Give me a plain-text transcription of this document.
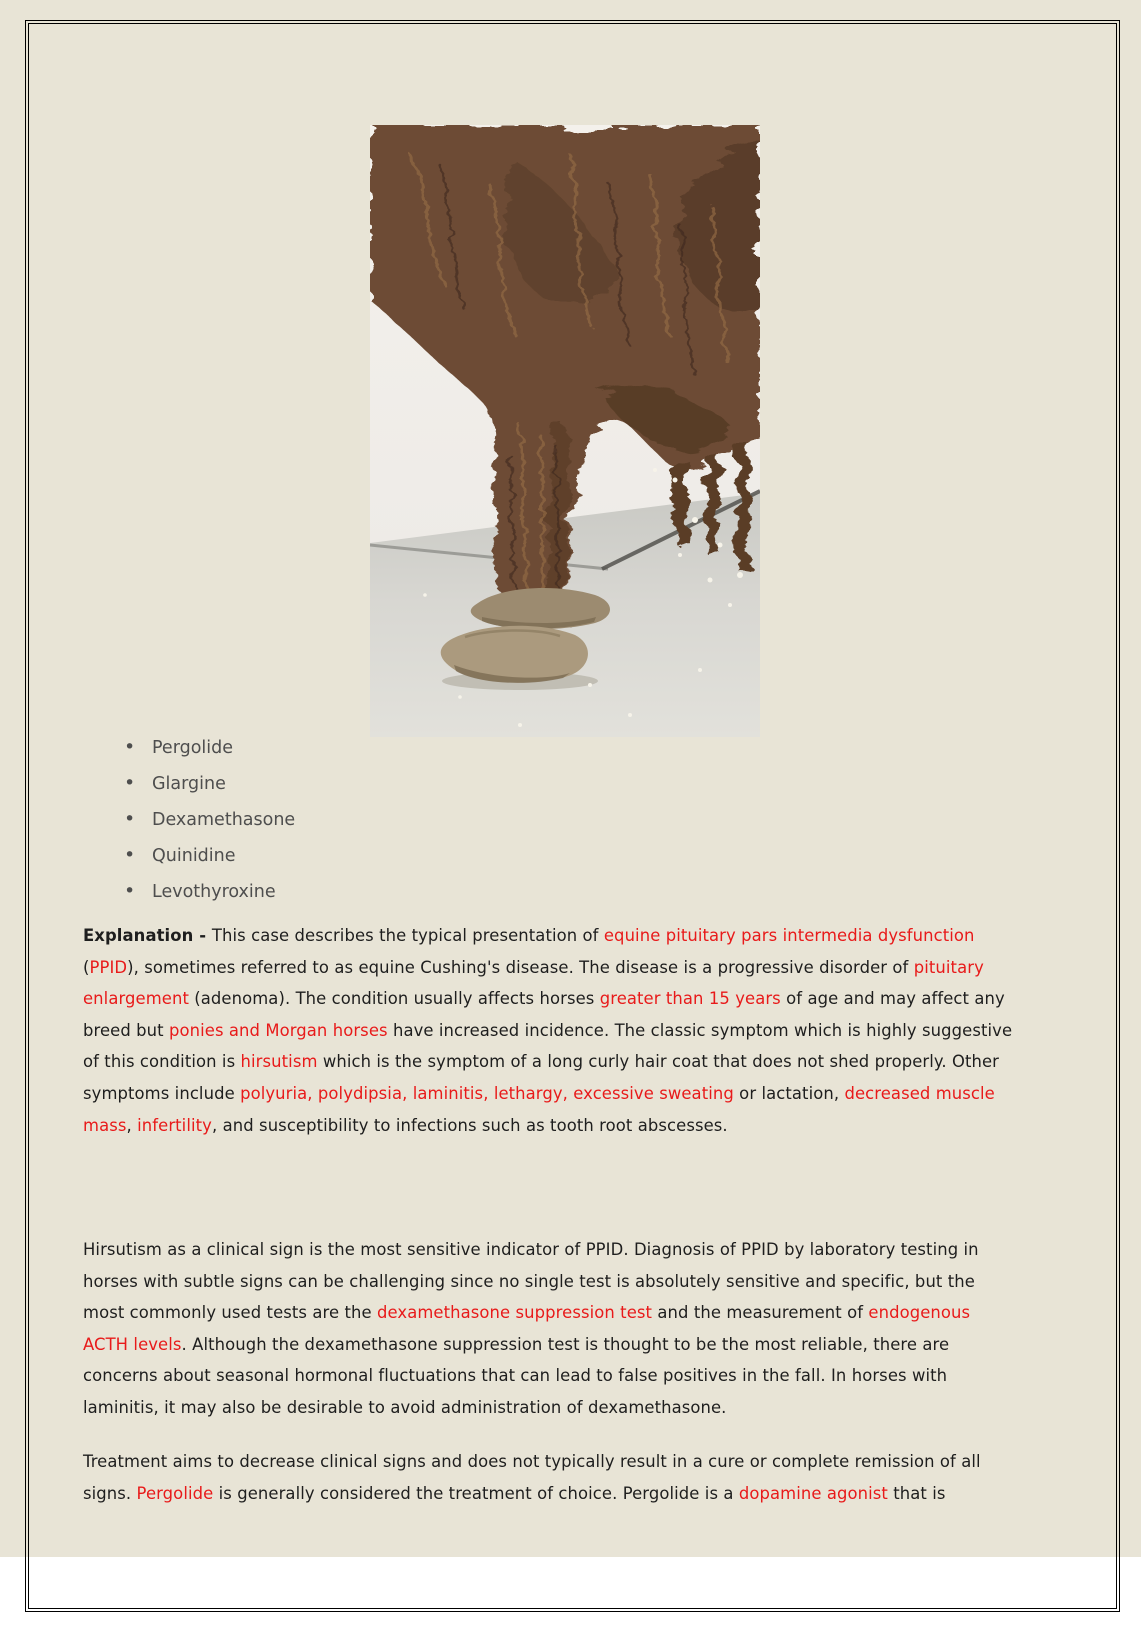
• Pergolide
• Glargine
• Dexamethasone
• Quinidine
• Levothyroxine

Explanation - This case describes the typical presentation of equine pituitary pars intermedia dysfunction (PPID), sometimes referred to as equine Cushing's disease. The disease is a progressive disorder of pituitary enlargement (adenoma). The condition usually affects horses greater than 15 years of age and may affect any breed but ponies and Morgan horses have increased incidence. The classic symptom which is highly suggestive of this condition is hirsutism which is the symptom of a long curly hair coat that does not shed properly. Other symptoms include polyuria, polydipsia, laminitis, lethargy, excessive sweating or lactation, decreased muscle mass, infertility, and susceptibility to infections such as tooth root abscesses.

Hirsutism as a clinical sign is the most sensitive indicator of PPID. Diagnosis of PPID by laboratory testing in horses with subtle signs can be challenging since no single test is absolutely sensitive and specific, but the most commonly used tests are the dexamethasone suppression test and the measurement of endogenous ACTH levels. Although the dexamethasone suppression test is thought to be the most reliable, there are concerns about seasonal hormonal fluctuations that can lead to false positives in the fall. In horses with laminitis, it may also be desirable to avoid administration of dexamethasone.

Treatment aims to decrease clinical signs and does not typically result in a cure or complete remission of all signs. Pergolide is generally considered the treatment of choice. Pergolide is a dopamine agonist that is
